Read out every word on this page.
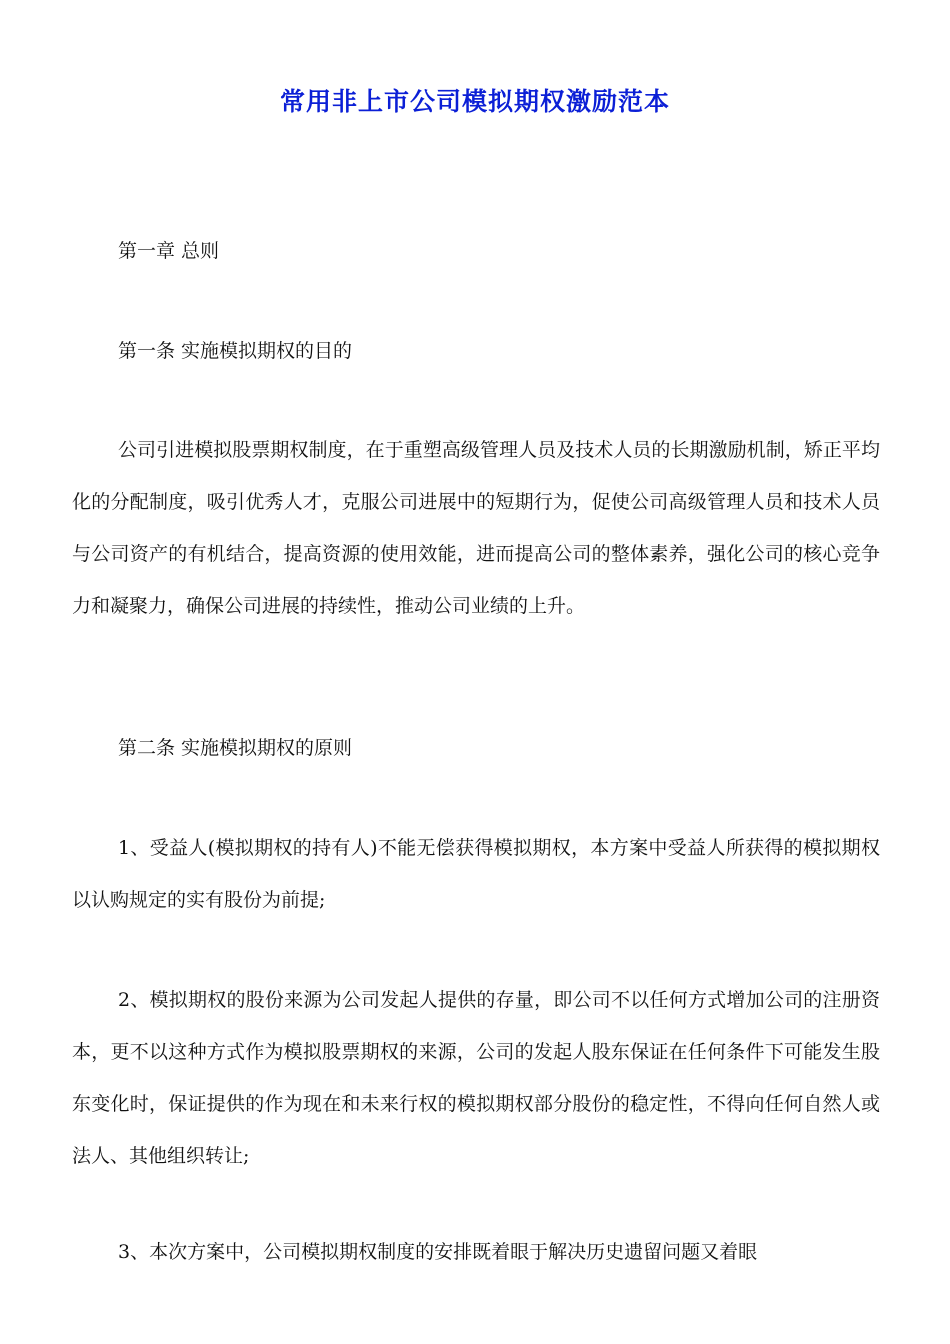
常用非上市公司模拟期权激励范本

第一章 总则

第一条 实施模拟期权的目的

公司引进模拟股票期权制度，在于重塑高级管理人员及技术人员的长期激励机制，矫正平均化的分配制度，吸引优秀人才，克服公司进展中的短期行为，促使公司高级管理人员和技术人员与公司资产的有机结合，提高资源的使用效能，进而提高公司的整体素养，强化公司的核心竞争力和凝聚力，确保公司进展的持续性，推动公司业绩的上升。

第二条 实施模拟期权的原则

1、受益人(模拟期权的持有人)不能无偿获得模拟期权，本方案中受益人所获得的模拟期权以认购规定的实有股份为前提;

2、模拟期权的股份来源为公司发起人提供的存量，即公司不以任何方式增加公司的注册资本，更不以这种方式作为模拟股票期权的来源，公司的发起人股东保证在任何条件下可能发生股东变化时，保证提供的作为现在和未来行权的模拟期权部分股份的稳定性，不得向任何自然人或法人、其他组织转让;

3、本次方案中，公司模拟期权制度的安排既着眼于解决历史遗留问题又着眼
